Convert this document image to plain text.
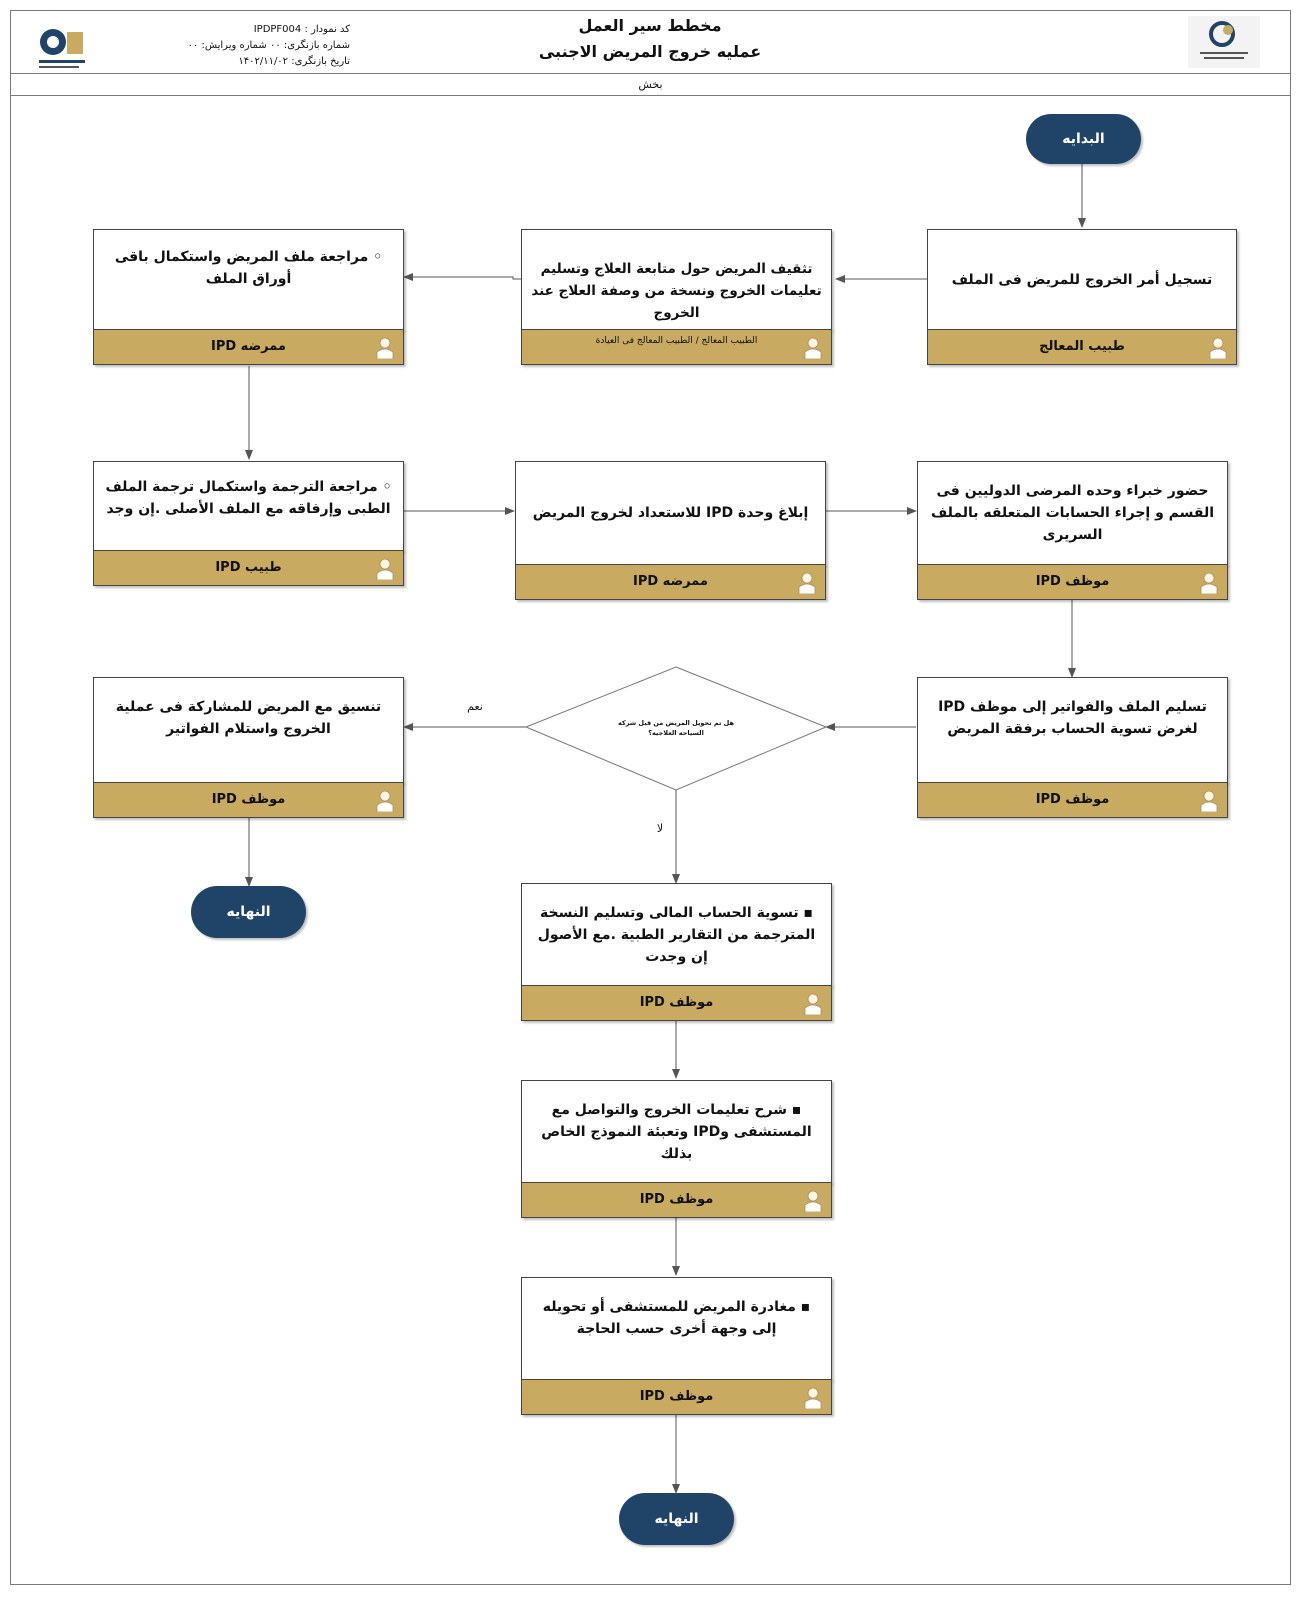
کد نمودار : IPDPF004
شماره بازنگری: ۰۰ شماره ویرایش: ۰۰
تاریخ بازنگری: ۱۴۰۲/۱۱/۰۲
مخطط سير العمل
عمليه خروج المريض الاجنبى
بخش
هل تم تحويل المريض من قبل شركه السياحه العلاجيه؟
نعم
لا
البدايه
النهايه
النهايه
تسجيل أمر الخروج للمريض فى الملف
طبيب المعالج
تثقيف المريض حول متابعة العلاج وتسليم تعليمات الخروج ونسخة من وصفة العلاج عند الخروج
الطبيب المعالج / الطبيب المعالج فى العيادة
◦ مراجعة ملف المريض واستكمال باقى أوراق الملف
ممرضه IPD
◦ مراجعة الترجمة واستكمال ترجمة الملف الطبى وإرفاقه مع الملف الأصلى .إن وجد
طبيب IPD
إبلاغ وحدة IPD للاستعداد لخروج المريض
ممرضه IPD
حضور خبراء وحده المرضى الدوليين فى القسم و إجراء الحسابات المتعلقه بالملف السريرى
موظف IPD
تسليم الملف والفواتير إلى موظف IPD لغرض تسوية الحساب برفقة المريض
موظف IPD
تنسيق مع المريض للمشاركة فى عملية الخروج واستلام الفواتير
موظف IPD
▪ تسوية الحساب المالى وتسليم النسخة المترجمة من التقارير الطبية .مع الأصول إن وجدت
موظف IPD
▪ شرح تعليمات الخروج والتواصل مع المستشفى وIPD وتعبئة النموذج الخاص بذلك
موظف IPD
▪ مغادرة المريض للمستشفى أو تحويله إلى وجهة أخرى حسب الحاجة
موظف IPD
